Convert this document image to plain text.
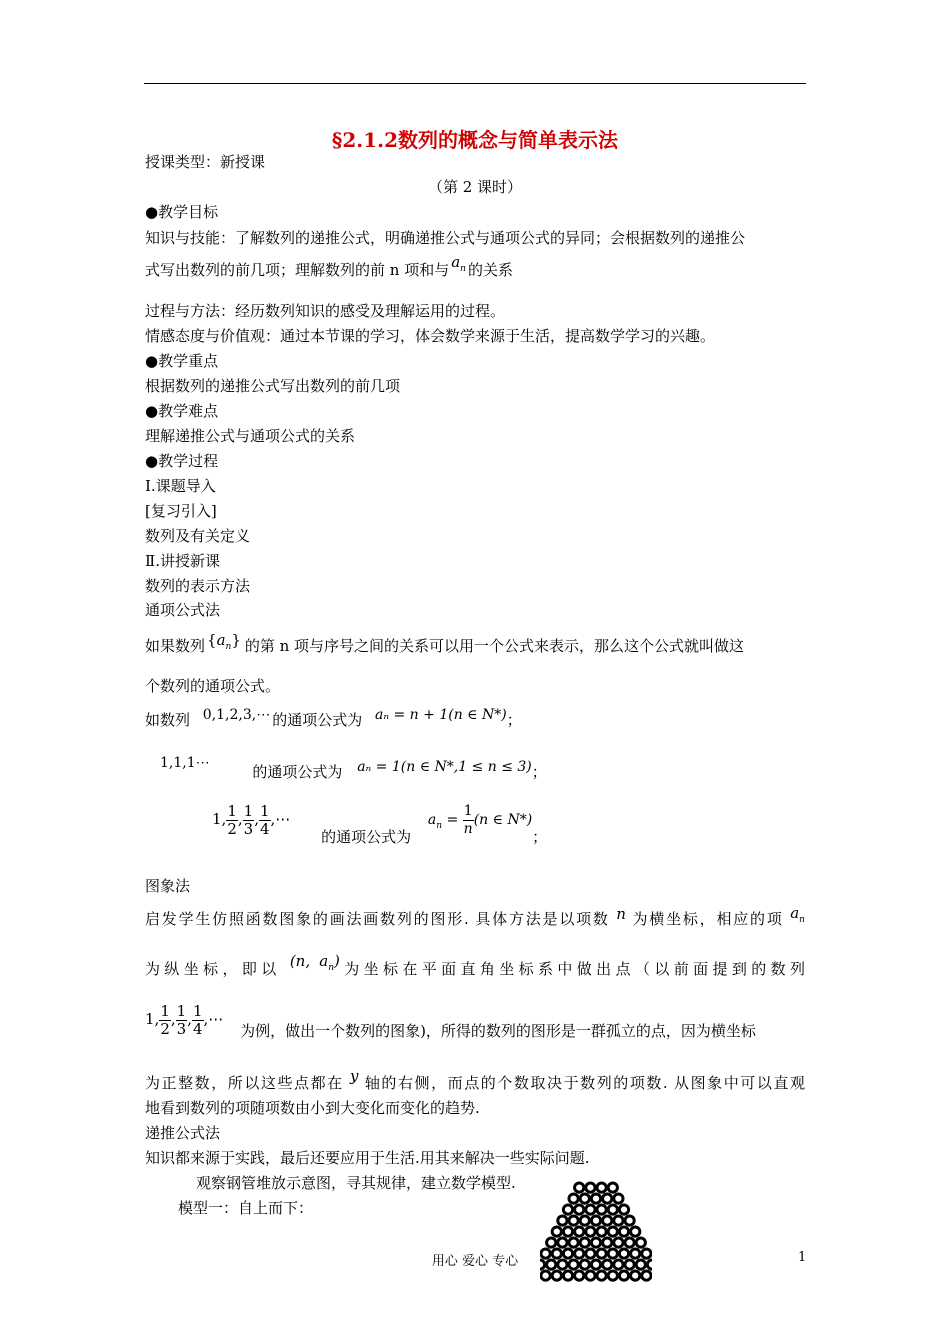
§2.1.2数列的概念与简单表示法
授课类型：新授课
（第 2 课时）
●教学目标
知识与技能：了解数列的递推公式，明确递推公式与通项公式的异同；会根据数列的递推公
式写出数列的前几项；理解数列的前 n 项和与 $a_n$ 的关系
过程与方法：经历数列知识的感受及理解运用的过程。
情感态度与价值观：通过本节课的学习，体会数学来源于生活，提高数学学习的兴趣。
●教学重点
根据数列的递推公式写出数列的前几项
●教学难点
理解递推公式与通项公式的关系
●教学过程
Ⅰ.课题导入
[复习引入]
数列及有关定义
Ⅱ.讲授新课
数列的表示方法
通项公式法
如果数列 $\{a_n\}$ 的第 n 项与序号之间的关系可以用一个公式来表示，那么这个公式就叫做这
个数列的通项公式。
如数列 0,1,2,3,⋯ 的通项公式为 aₙ = n + 1(n ∈ N*)；
1,1,1⋯	的通项公式为 aₙ = 1(n ∈ N*,1 ≤ n ≤ 3)；
1, $\frac{1}{2}$ , $\frac{1}{3}$ , $\frac{1}{4}$ ,⋯ 的通项公式为 $a_n = \frac{1}{n} (n$ ∈ N*)；
图象法
启发学生仿照函数图象的画法画数列的图形. 具体方法是以项数 n 为横坐标，相应的项 $a_n$
为纵坐标，即以 (n, $a_n$)为坐标在平面直角坐标系中做出点（以前面提到的数列
1, $\frac{1}{2}$ , $\frac{1}{3}$ , $\frac{1}{4}$ ,⋯ 为例，做出一个数列的图象)，所得的数列的图形是一群孤立的点，因为横坐标
为正整数，所以这些点都在 y 轴的右侧，而点的个数取决于数列的项数. 从图象中可以直观
地看到数列的项随项数由小到大变化而变化的趋势.
递推公式法
知识都来源于实践，最后还要应用于生活.用其来解决一些实际问题.
观察钢管堆放示意图，寻其规律，建立数学模型.
模型一：自上而下：
用心 爱心 专心	1
